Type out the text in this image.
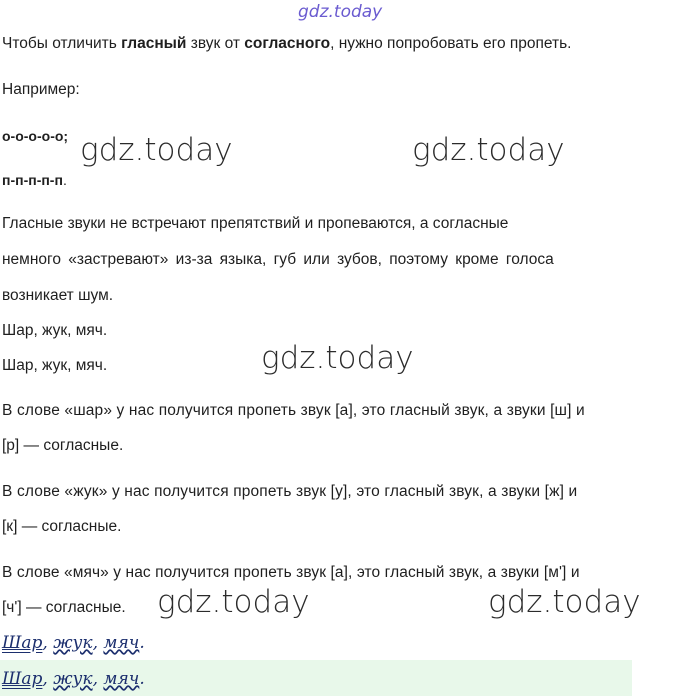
gdz.today
Чтобы отличить гласный звук от согласного, нужно попробовать его пропеть.
Например:
о-о-о-о-о;
п-п-п-п-п.
Гласные звуки не встречают препятствий и пропеваются, а согласные
немного «застревают» из-за языка, губ или зубов, поэтому кроме голоса
возникает шум.
Шар, жук, мяч.
Шар, жук, мяч.
В слове «шар» у нас получится пропеть звук [а], это гласный звук, а звуки [ш] и
[р] — согласные.
В слове «жук» у нас получится пропеть звук [у], это гласный звук, а звуки [ж] и
[к] — согласные.
В слове «мяч» у нас получится пропеть звук [а], это гласный звук, а звуки [м'] и
[ч'] — согласные.
Шар, жук, мяч.
Шар, жук, мяч.
gdz.today	gdz.today
gdz.today
gdz.today	gdz.today
